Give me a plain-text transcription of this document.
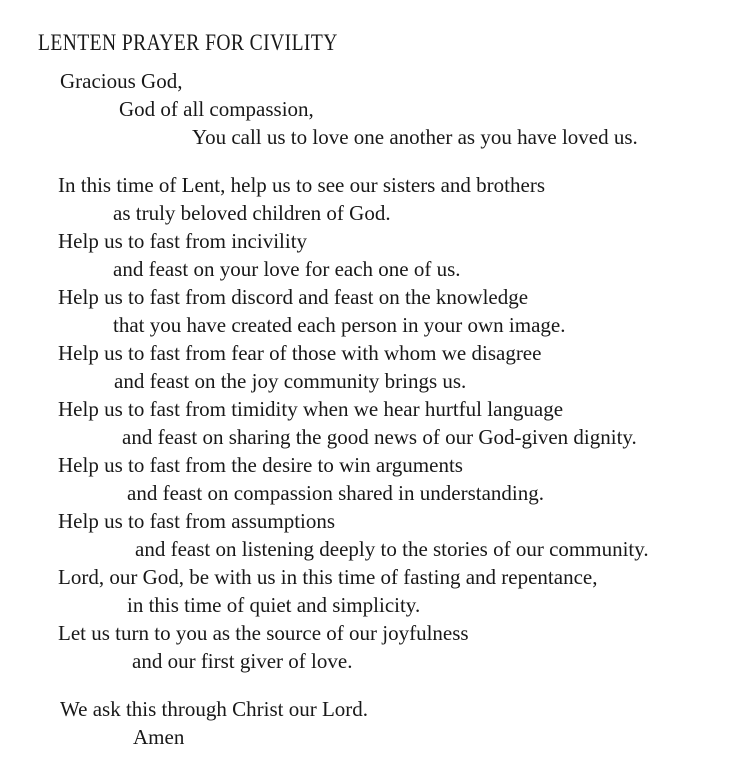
LENTEN PRAYER FOR CIVILITY
Gracious God,
God of all compassion,
You call us to love one another as you have loved us.
In this time of Lent, help us to see our sisters and brothers
as truly beloved children of God.
Help us to fast from incivility
and feast on your love for each one of us.
Help us to fast from discord and feast on the knowledge
that you have created each person in your own image.
Help us to fast from fear of those with whom we disagree
and feast on the joy community brings us.
Help us to fast from timidity when we hear hurtful language
and feast on sharing the good news of our God-given dignity.
Help us to fast from the desire to win arguments
and feast on compassion shared in understanding.
Help us to fast from assumptions
and feast on listening deeply to the stories of our community.
Lord, our God, be with us in this time of fasting and repentance,
in this time of quiet and simplicity.
Let us turn to you as the source of our joyfulness
and our first giver of love.
We ask this through Christ our Lord.
Amen
